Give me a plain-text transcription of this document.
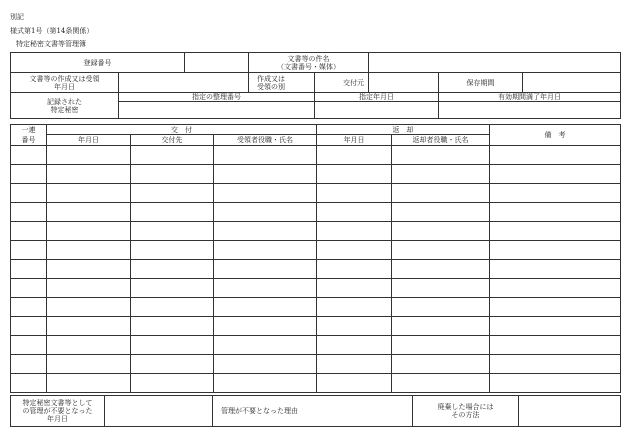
別記
様式第1号（第14条関係）
特定秘密文書等管理簿
登録番号			文書等の件名
（文書番号・媒体）				
文書等の作成又は受領
年月日			作成又は
受領の別	交付元		保存期間	
記録された
特定秘密	指定の整理番号			指定年月日		有効期間満了年月日	

一連	交　付			返　却		備　考
番号	年月日	交付先	受領者役職・氏名	年月日	返却者役職・氏名	

特定秘密文書等として
の管理が不要となった
年月日		管理が不要となった理由	廃棄した場合には
その方法	
